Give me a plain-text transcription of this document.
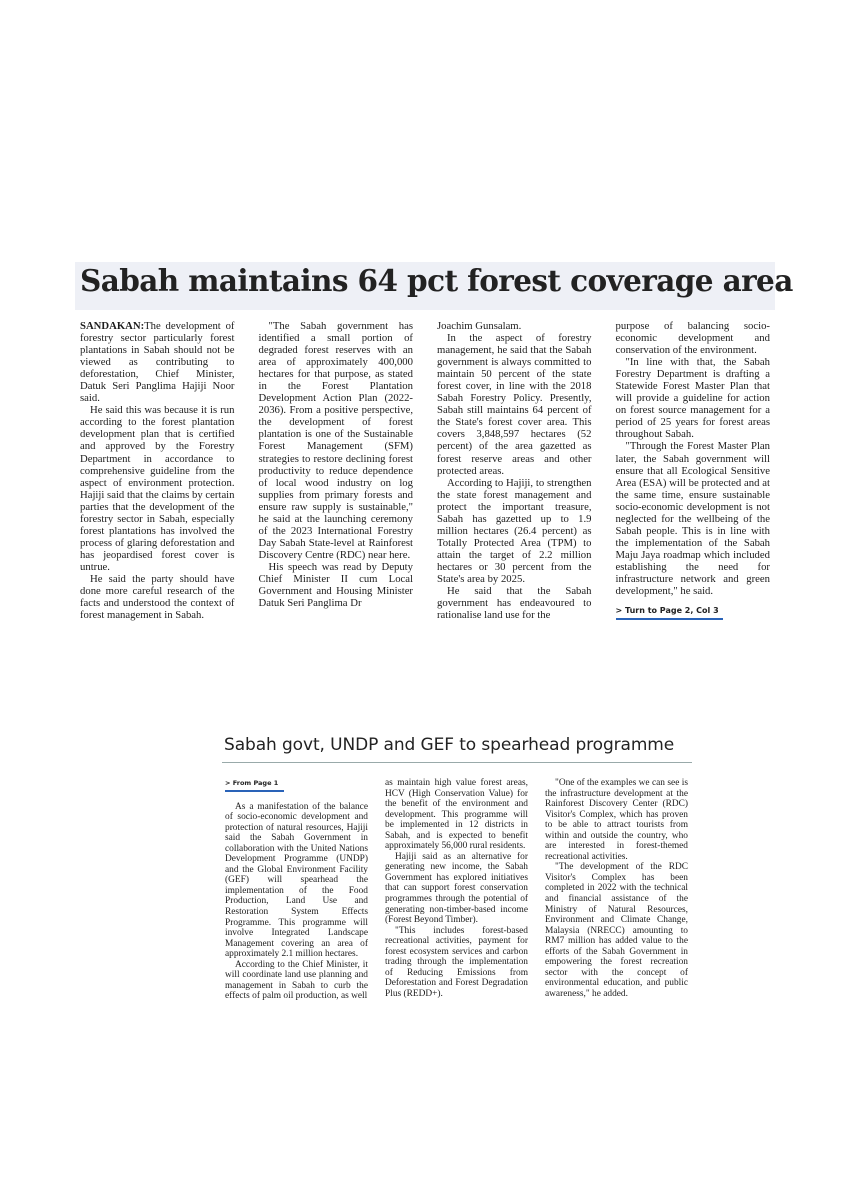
Sabah maintains 64 pct forest coverage area

SANDAKAN:The development of forestry sector particularly forest plantations in Sabah should not be viewed as contributing to deforestation, Chief Minister, Datuk Seri Panglima Hajiji Noor said.

He said this was because it is run according to the forest plantation development plan that is certified and approved by the Forestry Department in accordance to comprehensive guideline from the aspect of environment protection. Hajiji said that the claims by certain parties that the development of the forestry sector in Sabah, especially forest plantations has involved the process of glaring deforestation and has jeopardised forest cover is untrue.

He said the party should have done more careful research of the facts and understood the context of forest management in Sabah.

"The Sabah government has identified a small portion of degraded forest reserves with an area of approximately 400,000 hectares for that purpose, as stated in the Forest Plantation Development Action Plan (2022-2036). From a positive perspective, the development of forest plantation is one of the Sustainable Forest Management (SFM) strategies to restore declining forest productivity to reduce dependence of local wood industry on log supplies from primary forests and ensure raw supply is sustainable," he said at the launching ceremony of the 2023 International Forestry Day Sabah State-level at Rainforest Discovery Centre (RDC) near here.

His speech was read by Deputy Chief Minister II cum Local Government and Housing Minister Datuk Seri Panglima Dr

Joachim Gunsalam.

In the aspect of forestry management, he said that the Sabah government is always committed to maintain 50 percent of the state forest cover, in line with the 2018 Sabah Forestry Policy. Presently, Sabah still maintains 64 percent of the State's forest cover area. This covers 3,848,597 hectares (52 percent) of the area gazetted as forest reserve areas and other protected areas.

According to Hajiji, to strengthen the state forest management and protect the important treasure, Sabah has gazetted up to 1.9 million hectares (26.4 percent) as Totally Protected Area (TPM) to attain the target of 2.2 million hectares or 30 percent from the State's area by 2025.

He said that the Sabah government has endeavoured to rationalise land use for the

purpose of balancing socio-economic development and conservation of the environment.

"In line with that, the Sabah Forestry Department is drafting a Statewide Forest Master Plan that will provide a guideline for action on forest source management for a period of 25 years for forest areas throughout Sabah.

"Through the Forest Master Plan later, the Sabah government will ensure that all Ecological Sensitive Area (ESA) will be protected and at the same time, ensure sustainable socio-economic development is not neglected for the wellbeing of the Sabah people. This is in line with the implementation of the Sabah Maju Jaya roadmap which included establishing the need for infrastructure network and green development," he said.

> Turn to Page 2, Col 3
Sabah govt, UNDP and GEF to spearhead programme
> From Page 1

As a manifestation of the balance of socio-economic development and protection of natural resources, Hajiji said the Sabah Government in collaboration with the United Nations Development Programme (UNDP) and the Global Environment Facility (GEF) will spearhead the implementation of the Food Production, Land Use and Restoration System Effects Programme. This programme will involve Integrated Landscape Management covering an area of approximately 2.1 million hectares.

According to the Chief Minister, it will coordinate land use planning and management in Sabah to curb the effects of palm oil production, as well

as maintain high value forest areas, HCV (High Conservation Value) for the benefit of the environment and development. This programme will be implemented in 12 districts in Sabah, and is expected to benefit approximately 56,000 rural residents.

Hajiji said as an alternative for generating new income, the Sabah Government has explored initiatives that can support forest conservation programmes through the potential of generating non-timber-based income (Forest Beyond Timber).

"This includes forest-based recreational activities, payment for forest ecosystem services and carbon trading through the implementation of Reducing Emissions from Deforestation and Forest Degradation Plus (REDD+).

"One of the examples we can see is the infrastructure development at the Rainforest Discovery Center (RDC) Visitor's Complex, which has proven to be able to attract tourists from within and outside the country, who are interested in forest-themed recreational activities.

"The development of the RDC Visitor's Complex has been completed in 2022 with the technical and financial assistance of the Ministry of Natural Resources, Environment and Climate Change, Malaysia (NRECC) amounting to RM7 million has added value to the efforts of the Sabah Government in empowering the forest recreation sector with the concept of environmental education, and public awareness," he added.
